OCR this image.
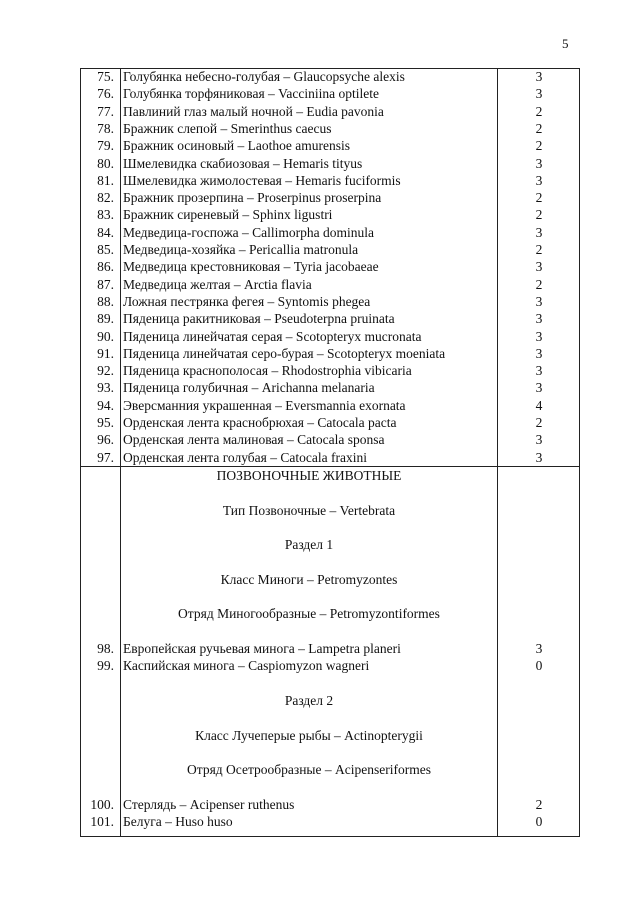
5
75. Голубянка небесно-голубая – Glaucopsyche alexis	3
76. Голубянка торфяниковая – Vacciniina optilete	3
77. Павлиний глаз малый ночной – Eudia pavonia	2
78. Бражник слепой – Smerinthus caecus	2
79. Бражник осиновый – Laothoe amurensis	2
80. Шмелевидка скабиозовая – Hemaris tityus	3
81. Шмелевидка жимолостевая – Hemaris fuciformis	3
82. Бражник прозерпина – Proserpinus proserpina	2
83. Бражник сиреневый – Sphinx ligustri	2
84. Медведица-госпожа – Callimorpha dominula	3
85. Медведица-хозяйка – Pericallia matronula	2
86. Медведица крестовниковая – Tyria jacobaeae	3
87. Медведица желтая – Arctia flavia	2
88. Ложная пестрянка фегея – Syntomis phegea	3
89. Пяденица ракитниковая – Pseudoterpna pruinata	3
90. Пяденица линейчатая серая – Scotopteryx mucronata	3
91. Пяденица линейчатая серо-бурая – Scotopteryx moeniata	3
92. Пяденица краснополосая – Rhodostrophia vibicaria	3
93. Пяденица голубичная – Arichanna melanaria	3
94. Эверсманния украшенная – Eversmannia exornata	4
95. Орденская лента краснобрюхая – Catocala pacta	2
96. Орденская лента малиновая – Catocala sponsa	3
97. Орденская лента голубая – Catocala fraxini	3
ПОЗВОНОЧНЫЕ ЖИВОТНЫЕ
Тип Позвоночные – Vertebrata
Раздел 1
Класс Миноги – Petromyzontes
Отряд Миногообразные – Petromyzontiformes
98. Европейская ручьевая минога – Lampetra planeri	3
99. Каспийская минога – Caspiomyzon wagneri	0
Раздел 2
Класс Лучеперые рыбы – Actinopterygii
Отряд Осетрообразные – Acipenseriformes
100. Стерлядь – Acipenser ruthenus	2
101. Белуга – Huso huso	0
